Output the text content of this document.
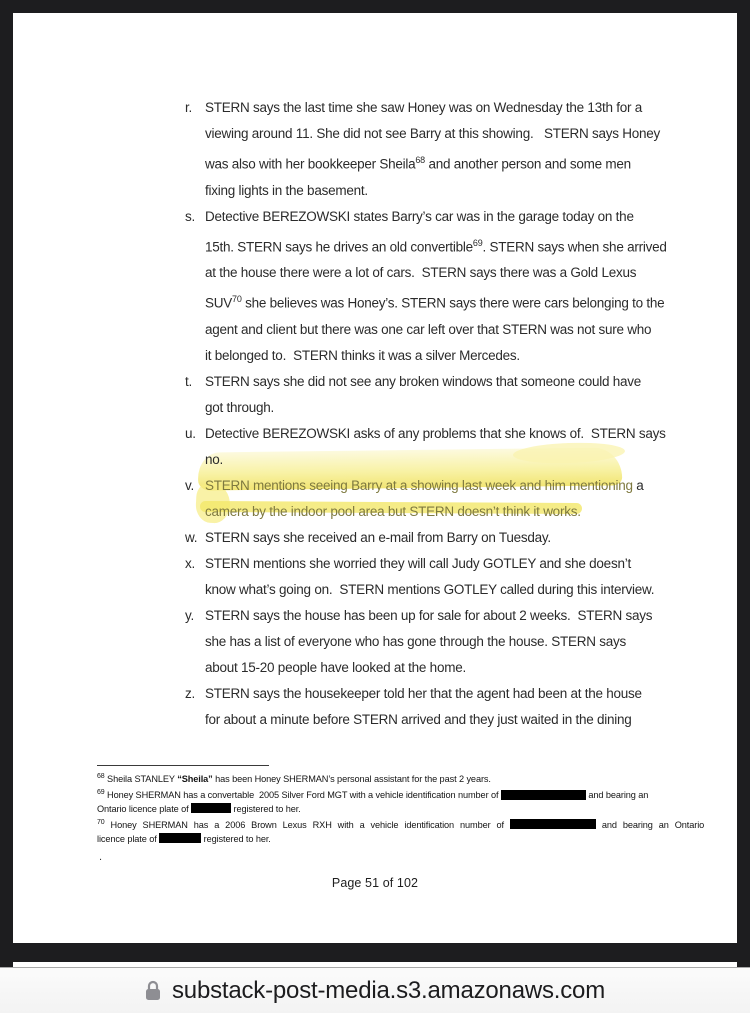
r. STERN says the last time she saw Honey was on Wednesday the 13th for a
viewing around 11. She did not see Barry at this showing.   STERN says Honey
was also with her bookkeeper Sheila$^{68}$ and another person and some men
fixing lights in the basement.
s. Detective BEREZOWSKI states Barry’s car was in the garage today on the
15th. STERN says he drives an old convertible$^{69}$. STERN says when she arrived
at the house there were a lot of cars.  STERN says there was a Gold Lexus
SUV$^{70}$ she believes was Honey’s. STERN says there were cars belonging to the
agent and client but there was one car left over that STERN was not sure who
it belonged to.  STERN thinks it was a silver Mercedes.
t. STERN says she did not see any broken windows that someone could have
got through.
u. Detective BEREZOWSKI asks of any problems that she knows of.  STERN says
no.
v. STERN mentions seeing Barry at a showing last week and him mentioning a
camera by the indoor pool area but STERN doesn’t think it works.
w. STERN says she received an e-mail from Barry on Tuesday.
x. STERN mentions she worried they will call Judy GOTLEY and she doesn’t
know what’s going on.  STERN mentions GOTLEY called during this interview.
y. STERN says the house has been up for sale for about 2 weeks.  STERN says
she has a list of everyone who has gone through the house. STERN says
about 15-20 people have looked at the home.
z. STERN says the housekeeper told her that the agent had been at the house
for about a minute before STERN arrived and they just waited in the dining
$^{68}$ Sheila STANLEY “Sheila” has been Honey SHERMAN’s personal assistant for the past 2 years.
$^{69}$ Honey SHERMAN has a convertable  2005 Silver Ford MGT with a vehicle identification number of	and bearing an
Ontario licence plate of	registered to her.
$^{70}$ Honey SHERMAN has a 2006 Brown Lexus RXH with a vehicle identification number of	and bearing an Ontario
licence plate of	registered to her.
.
Page 51 of 102
substack-post-media.s3.amazonaws.com
